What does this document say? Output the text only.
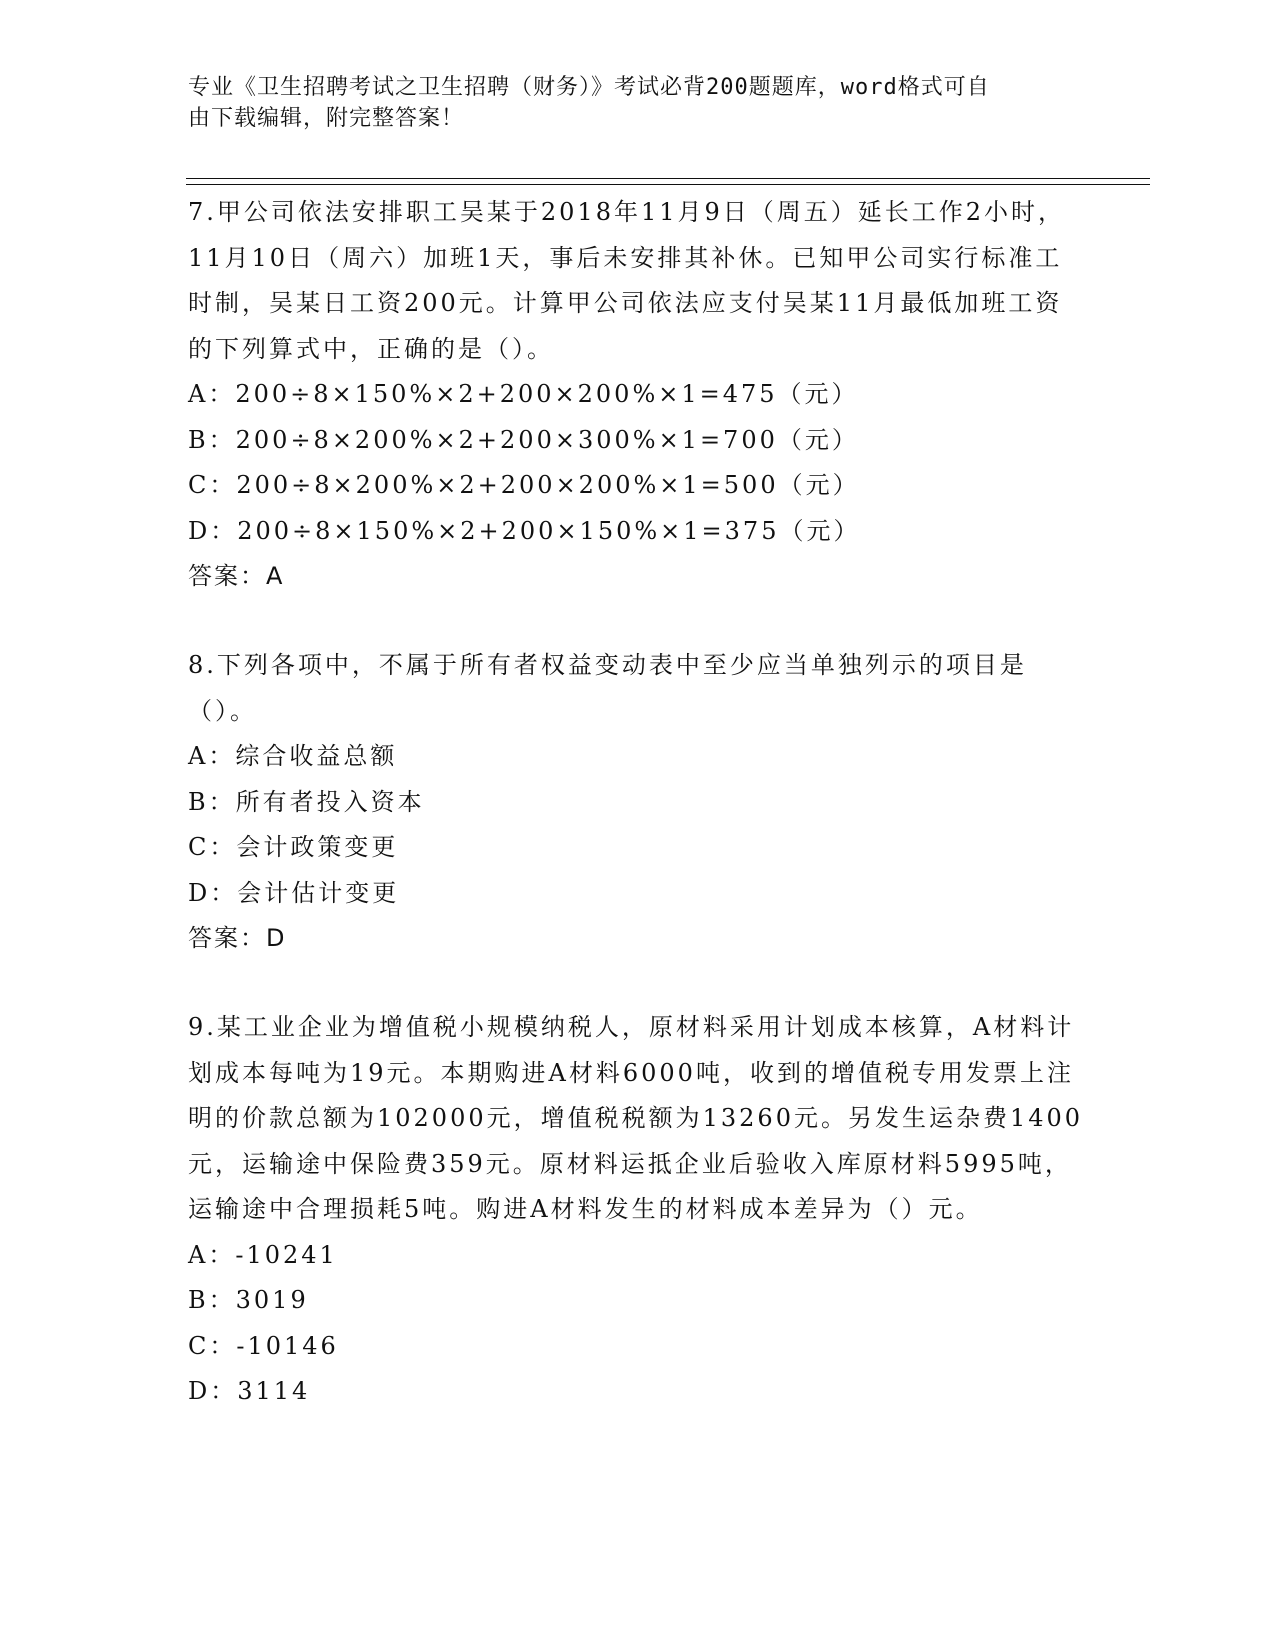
专业《卫生招聘考试之卫生招聘（财务）》考试必背200题题库，word格式可自
由下载编辑，附完整答案！
7.甲公司依法安排职工吴某于2018年11月9日（周五）延长工作2小时，11月10日（周六）加班1天，事后未安排其补休。已知甲公司实行标准工时制，吴某日工资200元。计算甲公司依法应支付吴某11月最低加班工资的下列算式中，正确的是（）。
A：200÷8×150%×2+200×200%×1=475（元）
B：200÷8×200%×2+200×300%×1=700（元）
C：200÷8×200%×2+200×200%×1=500（元）
D：200÷8×150%×2+200×150%×1=375（元）
答案：A
8.下列各项中，不属于所有者权益变动表中至少应当单独列示的项目是（）。
A：综合收益总额
B：所有者投入资本
C：会计政策变更
D：会计估计变更
答案：D
9.某工业企业为增值税小规模纳税人，原材料采用计划成本核算，A材料计划成本每吨为19元。本期购进A材料6000吨，收到的增值税专用发票上注明的价款总额为102000元，增值税税额为13260元。另发生运杂费1400元，运输途中保险费359元。原材料运抵企业后验收入库原材料5995吨，运输途中合理损耗5吨。购进A材料发生的材料成本差异为（）元。
A：-10241
B：3019
C：-10146
D：3114
